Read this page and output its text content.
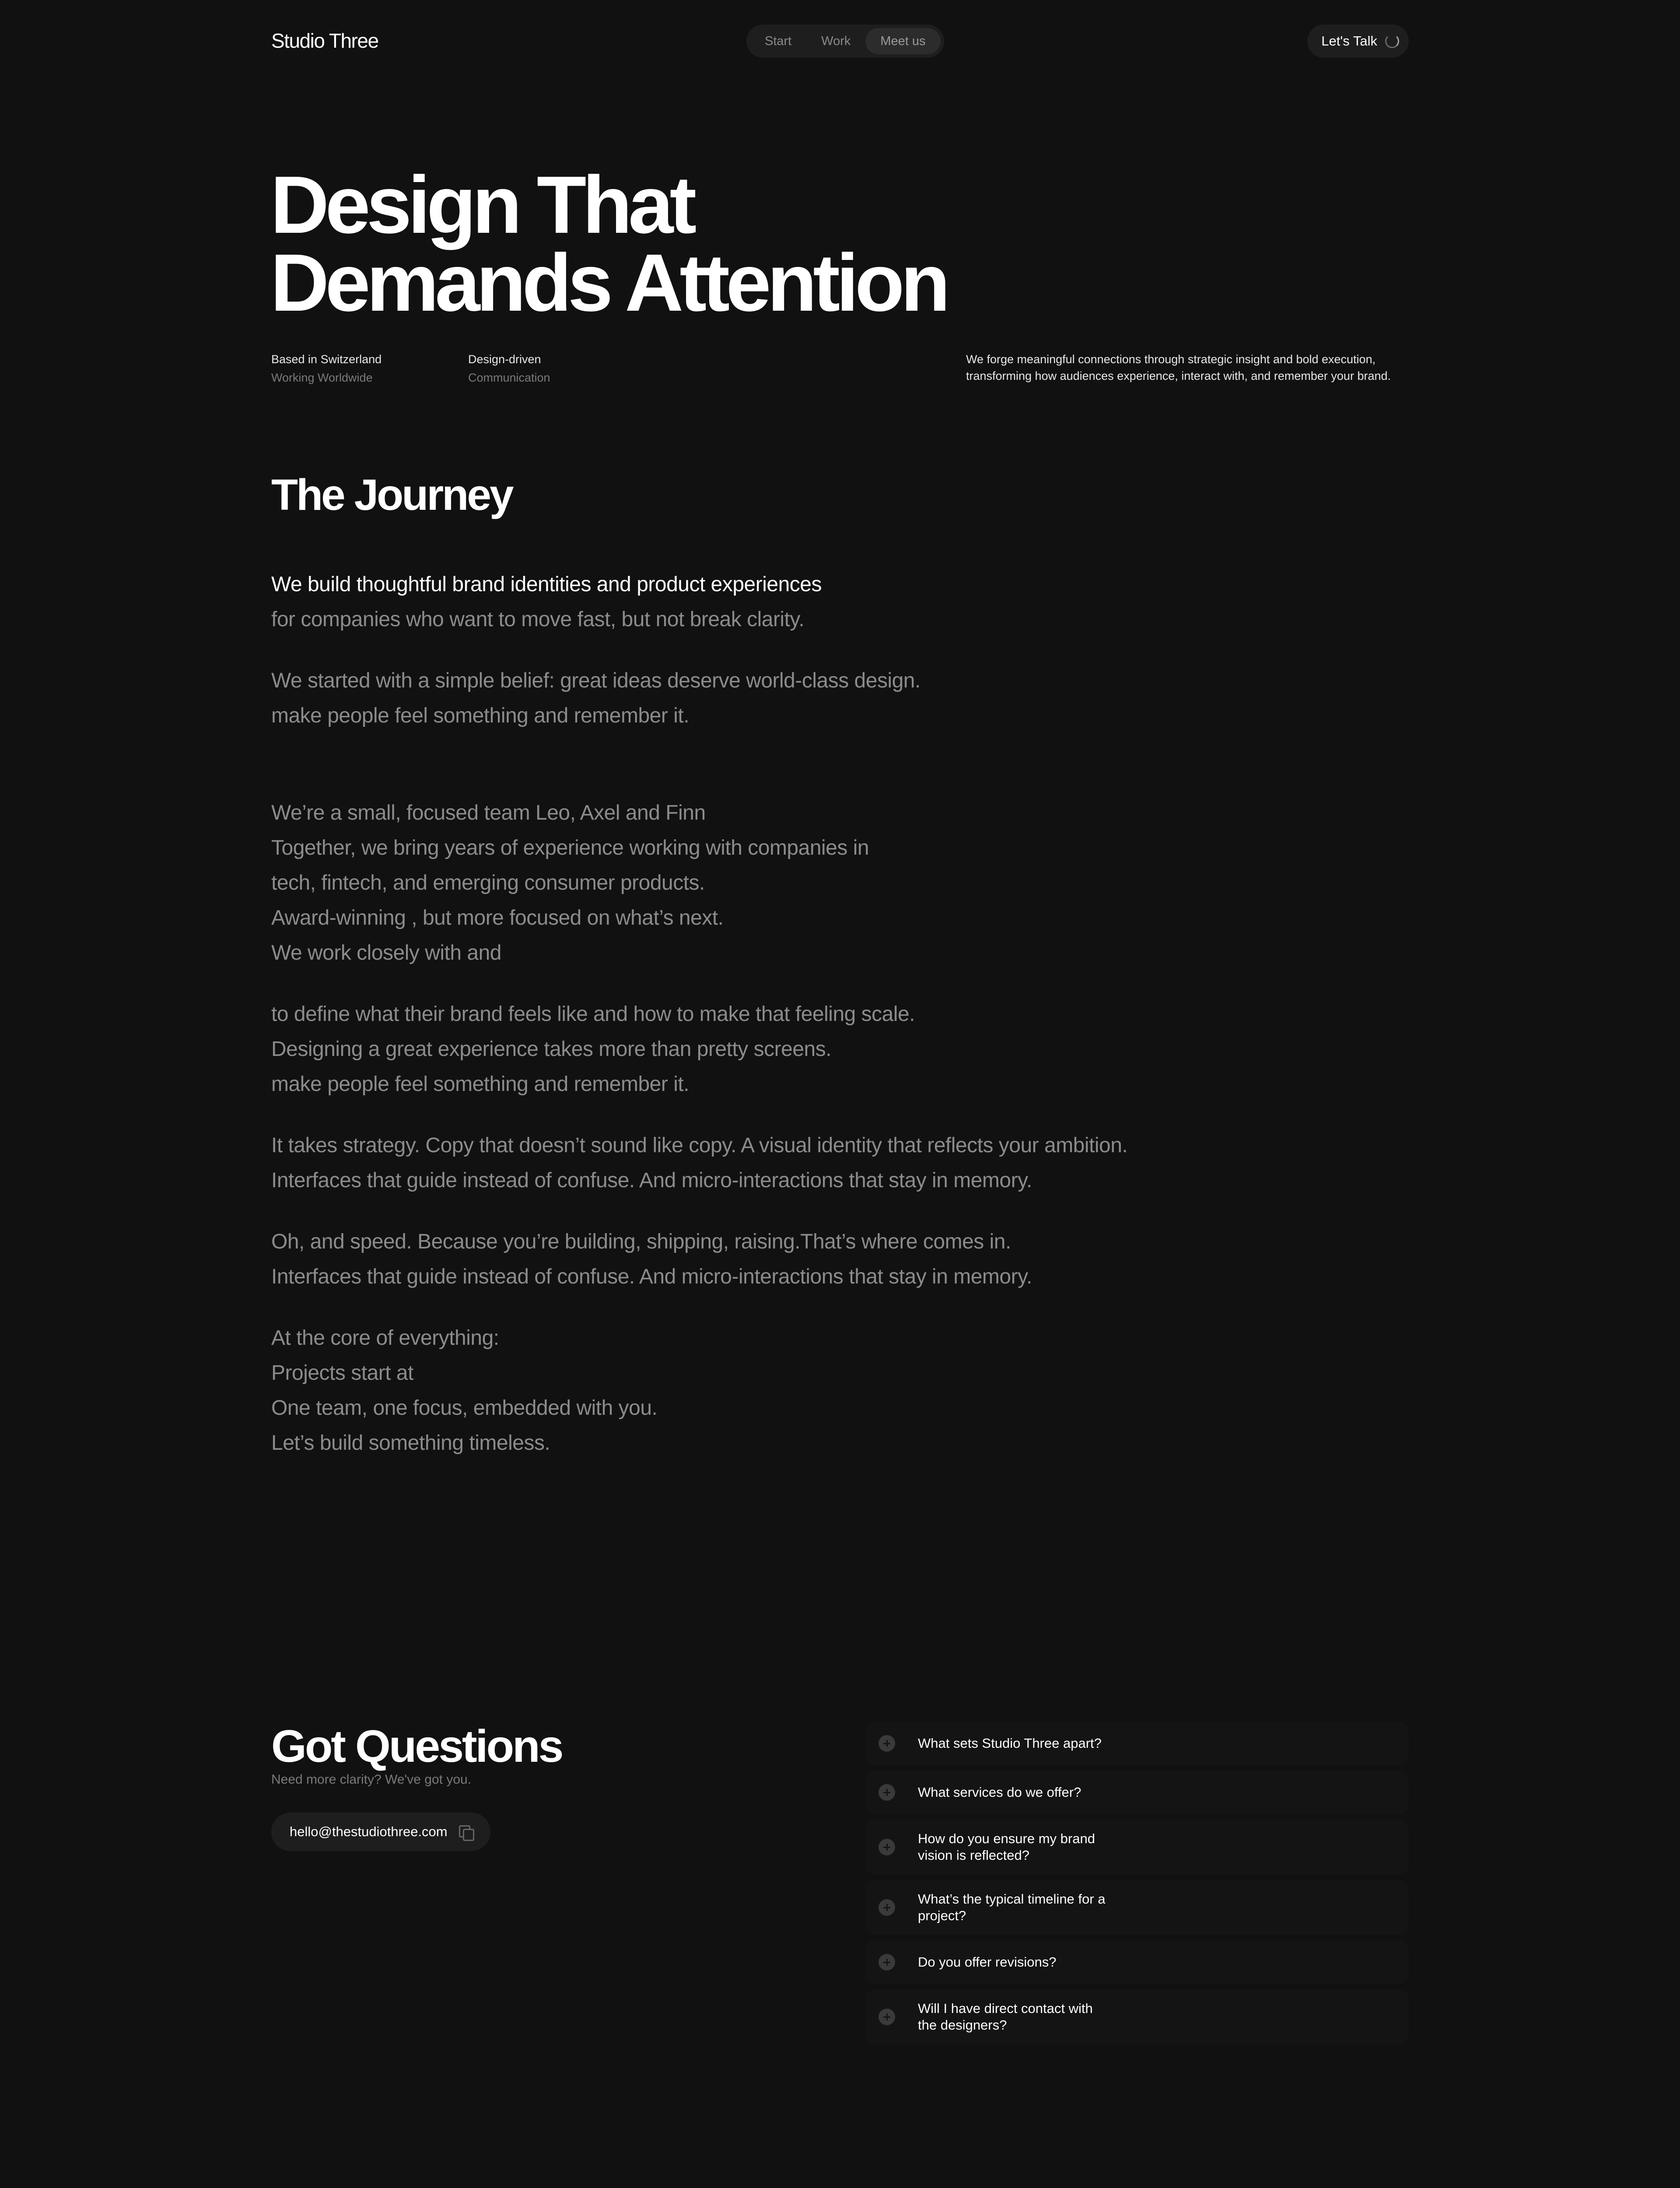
Studio Three	Start	Work	Meet us	Let's Talk
Design That
Demands Attention
Based in Switzerland
Working Worldwide
Design-driven
Communication
We forge meaningful connections through strategic insight and bold execution, transforming how audiences experience, interact with, and remember your brand.
The Journey
We build thoughtful brand identities and product experiences
for companies who want to move fast, but not break clarity.
We started with a simple belief: great ideas deserve world-class design.
make people feel something and remember it.
We’re a small, focused team Leo, Axel and Finn
Together, we bring years of experience working with companies in
tech, fintech, and emerging consumer products.
Award-winning , but more focused on what’s next.
We work closely with and
to define what their brand feels like and how to make that feeling scale.
Designing a great experience takes more than pretty screens.
make people feel something and remember it.
It takes strategy. Copy that doesn’t sound like copy. A visual identity that reflects your ambition.
Interfaces that guide instead of confuse. And micro-interactions that stay in memory.
Oh, and speed. Because you’re building, shipping, raising.That’s where comes in.
Interfaces that guide instead of confuse. And micro-interactions that stay in memory.
At the core of everything:
Projects start at
One team, one focus, embedded with you.
Let’s build something timeless.
Got Questions
Need more clarity? We've got you.
hello@thestudiothree.com
What sets Studio Three apart?
What services do we offer?
How do you ensure my brand vision is reflected?
What’s the typical timeline for a project?
Do you offer revisions?
Will I have direct contact with the designers?
